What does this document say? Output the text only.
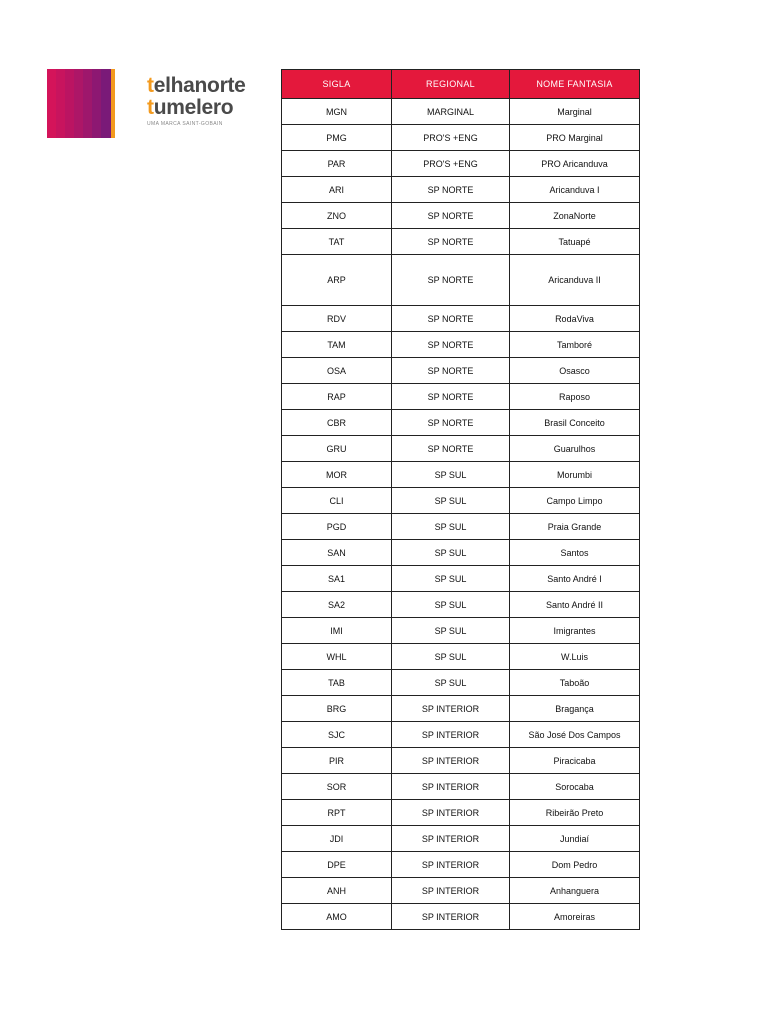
telhanorte
tumelero
UMA MARCA SAINT-GOBAIN
SIGLA	REGIONAL	NOME FANTASIA
MGN	MARGINAL	Marginal
PMG	PRO'S +ENG	PRO Marginal
PAR	PRO'S +ENG	PRO Aricanduva
ARI	SP NORTE	Aricanduva I
ZNO	SP NORTE	ZonaNorte
TAT	SP NORTE	Tatuapé
ARP	SP NORTE	Aricanduva II
RDV	SP NORTE	RodaViva
TAM	SP NORTE	Tamboré
OSA	SP NORTE	Osasco
RAP	SP NORTE	Raposo
CBR	SP NORTE	Brasil Conceito
GRU	SP NORTE	Guarulhos
MOR	SP SUL	Morumbi
CLI	SP SUL	Campo Limpo
PGD	SP SUL	Praia Grande
SAN	SP SUL	Santos
SA1	SP SUL	Santo André I
SA2	SP SUL	Santo André II
IMI	SP SUL	Imigrantes
WHL	SP SUL	W.Luis
TAB	SP SUL	Taboão
BRG	SP INTERIOR	Bragança
SJC	SP INTERIOR	São José Dos Campos
PIR	SP INTERIOR	Piracicaba
SOR	SP INTERIOR	Sorocaba
RPT	SP INTERIOR	Ribeirão Preto
JDI	SP INTERIOR	Jundiaí
DPE	SP INTERIOR	Dom Pedro
ANH	SP INTERIOR	Anhanguera
AMO	SP INTERIOR	Amoreiras
